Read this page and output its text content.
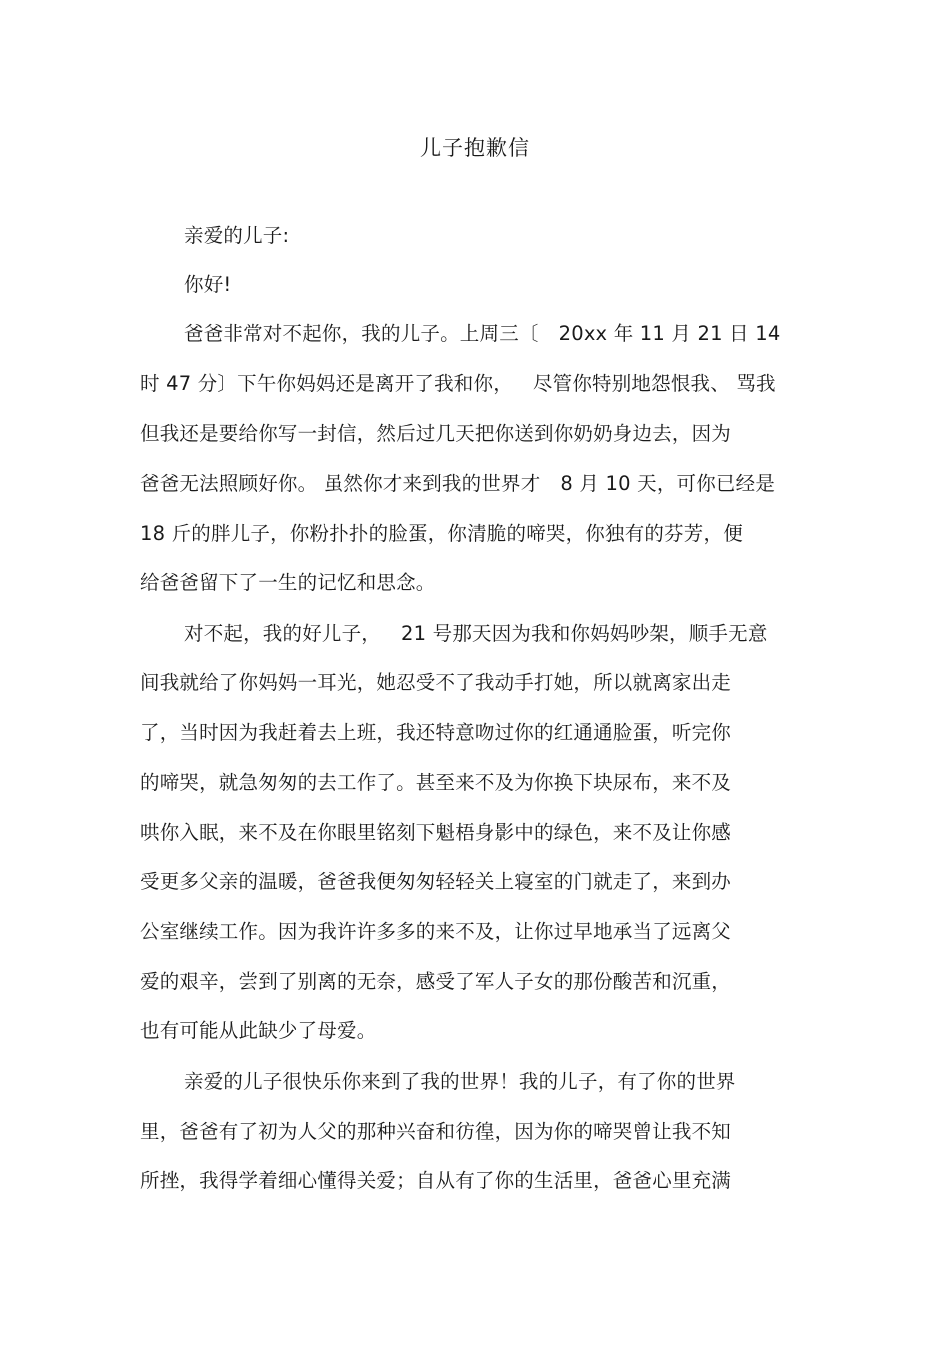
儿子抱歉信
亲爱的儿子:
你好!
爸爸非常对不起你，我的儿子。上周三〔 20xx 年 11 月 21 日 14
时 47 分〕下午你妈妈还是离开了我和你， 尽管你特别地怨恨我、 骂我
但我还是要给你写一封信，然后过几天把你送到你奶奶身边去，因为
爸爸无法照顾好你。 虽然你才来到我的世界才 8 月 10 天，可你已经是
18 斤的胖儿子，你粉扑扑的脸蛋，你清脆的啼哭，你独有的芬芳，便
给爸爸留下了一生的记忆和思念。
对不起，我的好儿子， 21 号那天因为我和你妈妈吵架，顺手无意
间我就给了你妈妈一耳光，她忍受不了我动手打她，所以就离家出走
了，当时因为我赶着去上班，我还特意吻过你的红通通脸蛋，听完你
的啼哭，就急匆匆的去工作了。甚至来不及为你换下块尿布，来不及
哄你入眠，来不及在你眼里铭刻下魁梧身影中的绿色，来不及让你感
受更多父亲的温暖，爸爸我便匆匆轻轻关上寝室的门就走了，来到办
公室继续工作。因为我许许多多的来不及，让你过早地承当了远离父
爱的艰辛，尝到了别离的无奈，感受了军人子女的那份酸苦和沉重，
也有可能从此缺少了母爱。
亲爱的儿子很快乐你来到了我的世界！我的儿子，有了你的世界
里，爸爸有了初为人父的那种兴奋和彷徨，因为你的啼哭曾让我不知
所挫，我得学着细心懂得关爱；自从有了你的生活里，爸爸心里充满
